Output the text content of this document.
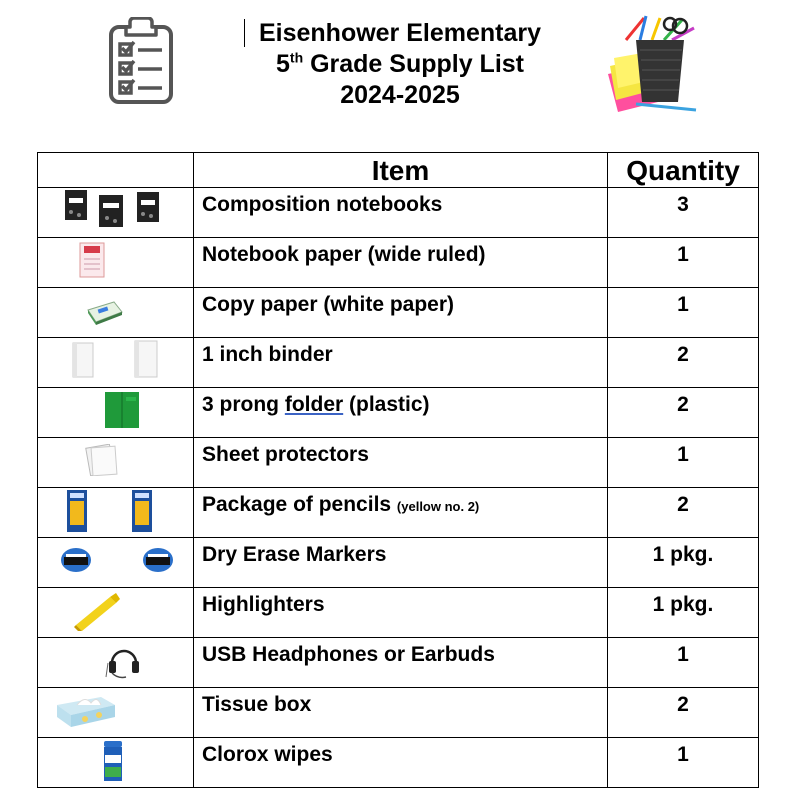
Eisenhower Elementary
5th Grade Supply List
2024-2025
	Item	Quantity

	Composition notebooks	3

	Notebook paper (wide ruled)	1

	Copy paper (white paper)	1

	1 inch binder	2

	3 prong folder (plastic)	2

	Sheet protectors	1

	Package of pencils (yellow no. 2)	2

	Dry Erase Markers	1 pkg.

	Highlighters	1 pkg.

	USB Headphones or Earbuds	1

	Tissue box	2

	Clorox wipes	1
